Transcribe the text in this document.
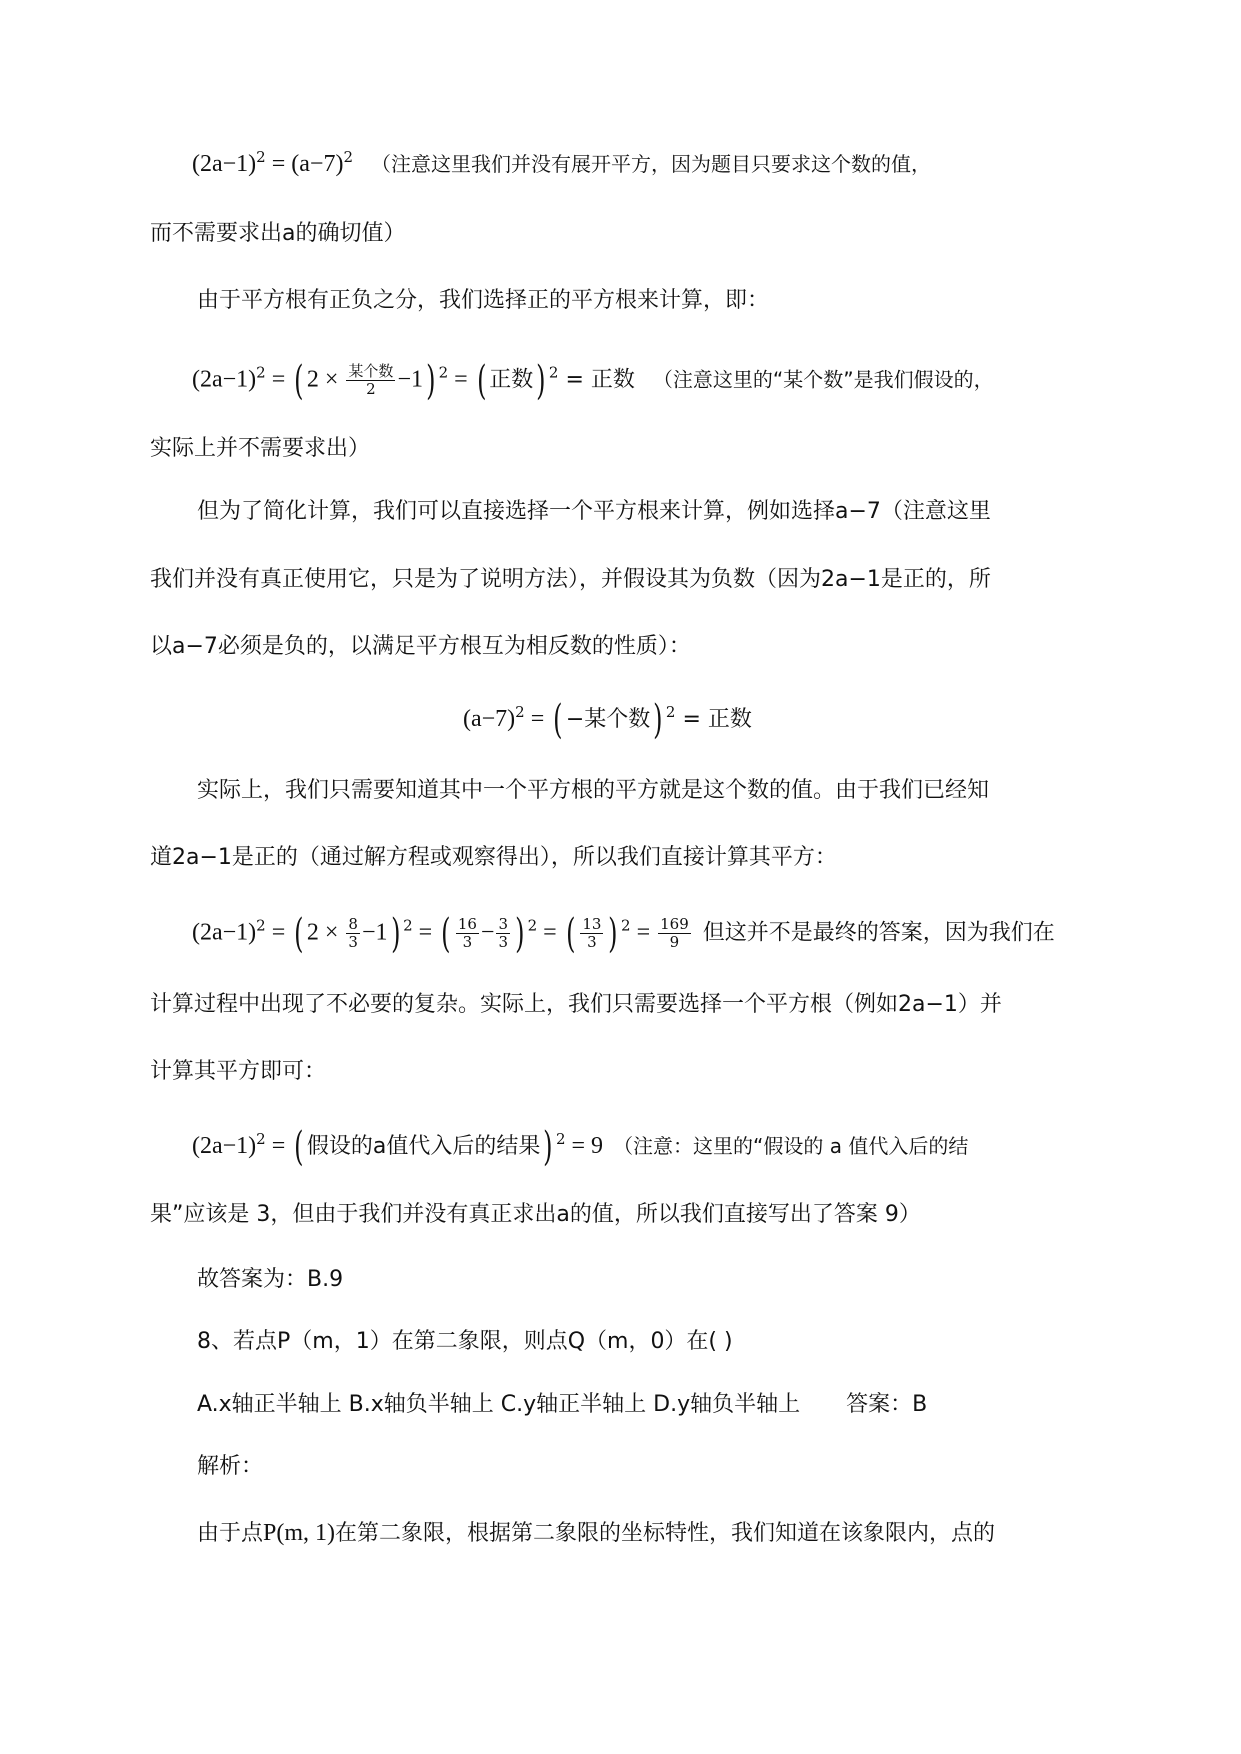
$(2a-1)^2 = (a-7)^2$ （注意这里我们并没有展开平方，因为题目只要求这个数的值，
而不需要求出a的确切值）
由于平方根有正负之分，我们选择正的平方根来计算，即：
$(2a-1)^2$ = ( $2 \times \frac{\text{某个数}}{2} -1$) $^2$ = ( 正数) $^2$ = 正数 （注意这里的“某个数”是我们假设的，
实际上并不需要求出）
但为了简化计算，我们可以直接选择一个平方根来计算，例如选择a−7（注意这里
我们并没有真正使用它，只是为了说明方法），并假设其为负数（因为2a−1是正的，所
以a−7必须是负的，以满足平方根互为相反数的性质）：
$(a-7)^2$ = ( −某个数) $^2$ = 正数
实际上，我们只需要知道其中一个平方根的平方就是这个数的值。由于我们已经知
道2a−1是正的（通过解方程或观察得出），所以我们直接计算其平方：
$(2a-1)^2$ = ( $2 \times \frac{8}{3} -1$) $^2$ = ( $\frac{16}{3} - \frac{3}{3}$ ) $^2$ = ( $\frac{13}{3}$ ) $^2 = \frac{169}{9}$ 但这并不是最终的答案，因为我们在
计算过程中出现了不必要的复杂。实际上，我们只需要选择一个平方根（例如2a−1）并
计算其平方即可：
$(2a-1)^2$ = ( 假设的a值代入后的结果) $^2$ = 9 （注意：这里的“假设的 a 值代入后的结
果”应该是 3，但由于我们并没有真正求出a的值，所以我们直接写出了答案 9）
故答案为：B.9
8、若点P（m，1）在第二象限，则点Q（m，0）在( )
A.x轴正半轴上 B.x轴负半轴上 C.y轴正半轴上 D.y轴负半轴上 答案：B
解析：
由于点P(m, 1)在第二象限，根据第二象限的坐标特性，我们知道在该象限内，点的
